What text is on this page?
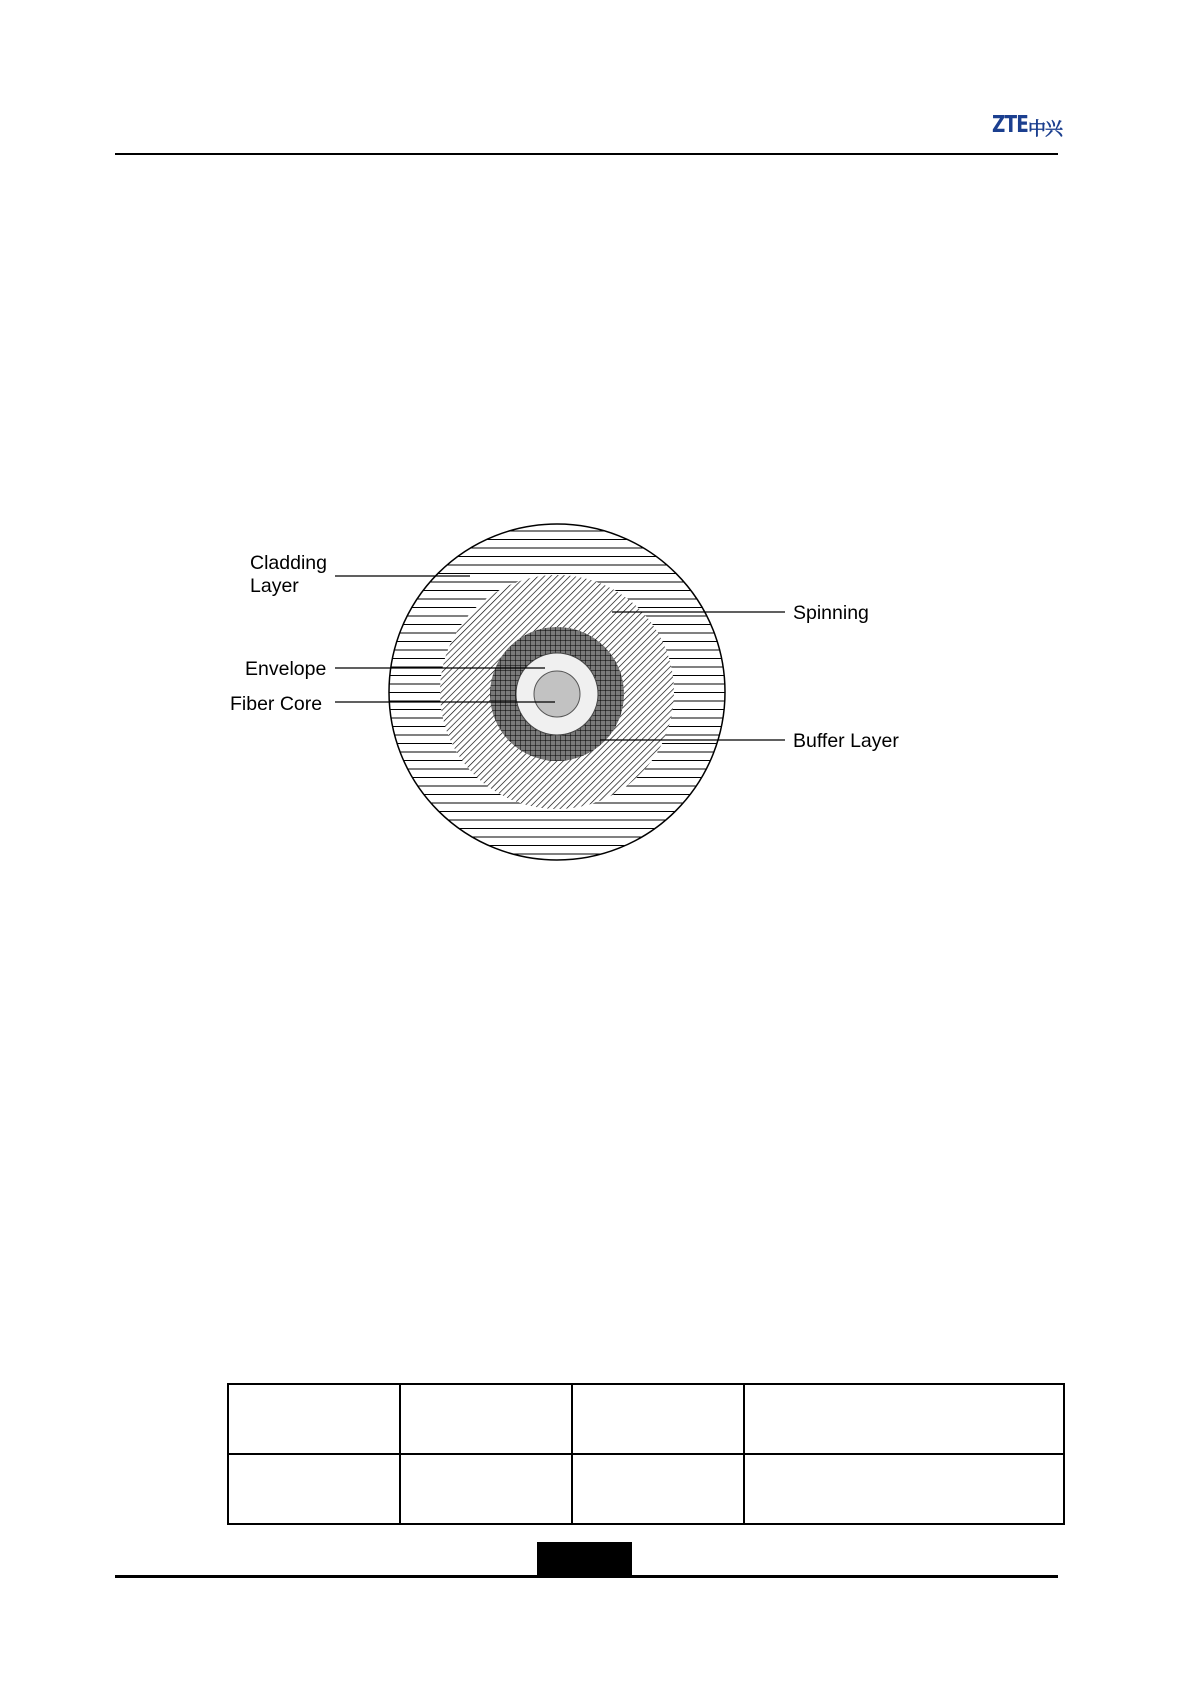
ZTE 中兴
Cladding
Layer
Envelope
Fiber Core
Spinning
Buffer Layer
